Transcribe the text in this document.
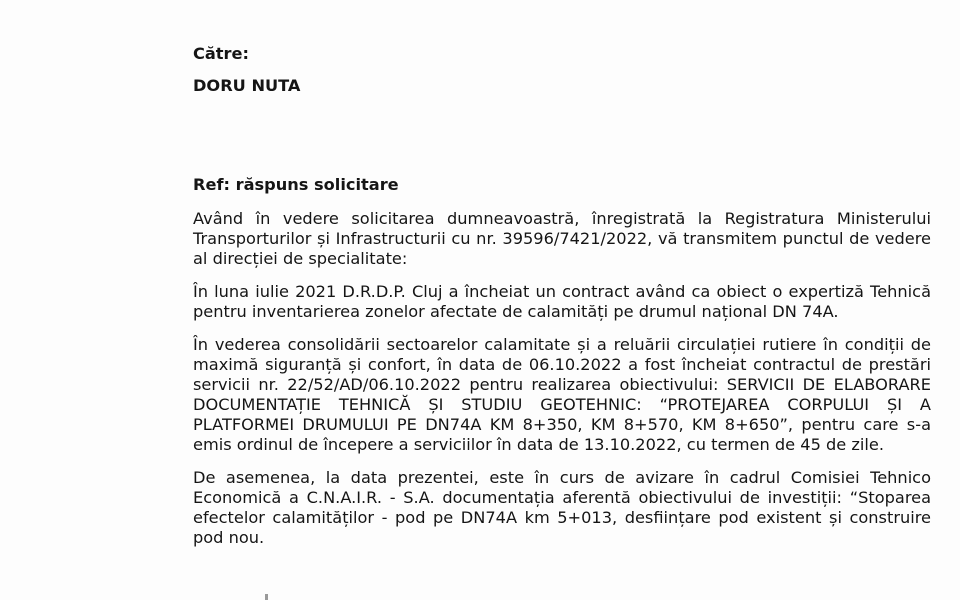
Către:
DORU NUTA
Ref: răspuns solicitare

Având în vedere solicitarea dumneavoastră, înregistrată la Registratura Ministerului Transporturilor și Infrastructurii cu nr. 39596/7421/2022, vă transmitem punctul de vedere al direcției de specialitate:

În luna iulie 2021 D.R.D.P. Cluj a încheiat un contract având ca obiect o expertiză Tehnică pentru inventarierea zonelor afectate de calamități pe drumul național DN 74A.

În vederea consolidării sectoarelor calamitate și a reluării circulației rutiere în condiții de maximă siguranță și confort, în data de 06.10.2022 a fost încheiat contractul de prestări servicii nr. 22/52/AD/06.10.2022 pentru realizarea obiectivului: SERVICII DE ELABORARE DOCUMENTAȚIE TEHNICĂ ȘI STUDIU GEOTEHNIC: “PROTEJAREA CORPULUI ȘI A PLATFORMEI DRUMULUI PE DN74A KM 8+350, KM 8+570, KM 8+650”, pentru care s-a emis ordinul de începere a serviciilor în data de 13.10.2022, cu termen de 45 de zile.

De asemenea, la data prezentei, este în curs de avizare în cadrul Comisiei Tehnico Economică a C.N.A.I.R. - S.A. documentația aferentă obiectivului de investiții: “Stoparea efectelor calamităților - pod pe DN74A km 5+013, desființare pod existent și construire pod nou.
